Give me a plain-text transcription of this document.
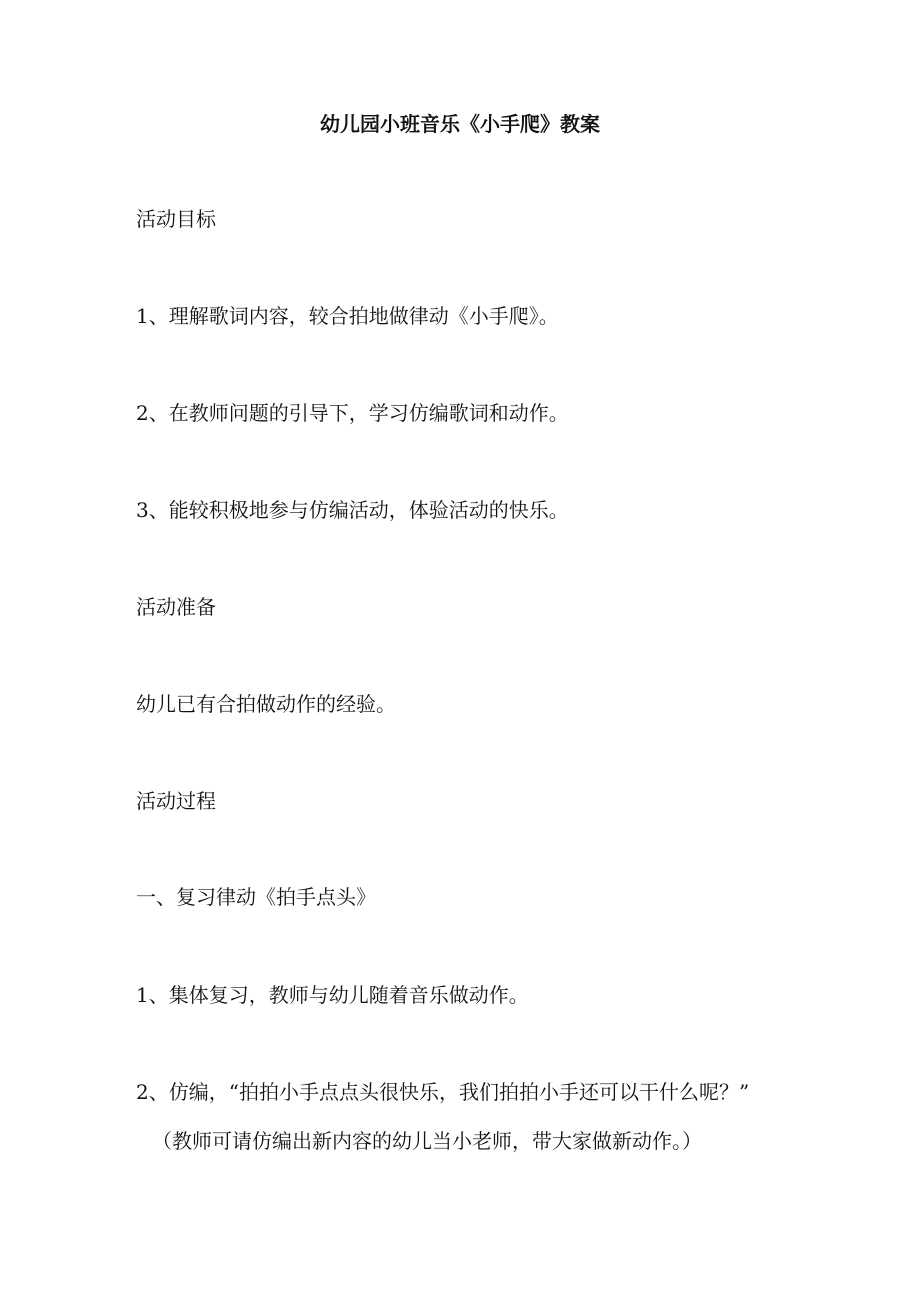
幼儿园小班音乐《小手爬》教案
活动目标
1、理解歌词内容，较合拍地做律动《小手爬》。
2、在教师问题的引导下，学习仿编歌词和动作。
3、能较积极地参与仿编活动，体验活动的快乐。
活动准备
幼儿已有合拍做动作的经验。
活动过程
一、复习律动《拍手点头》
1、集体复习，教师与幼儿随着音乐做动作。
2、仿编，“拍拍小手点点头很快乐，我们拍拍小手还可以干什么呢？”
（教师可请仿编出新内容的幼儿当小老师，带大家做新动作。）
